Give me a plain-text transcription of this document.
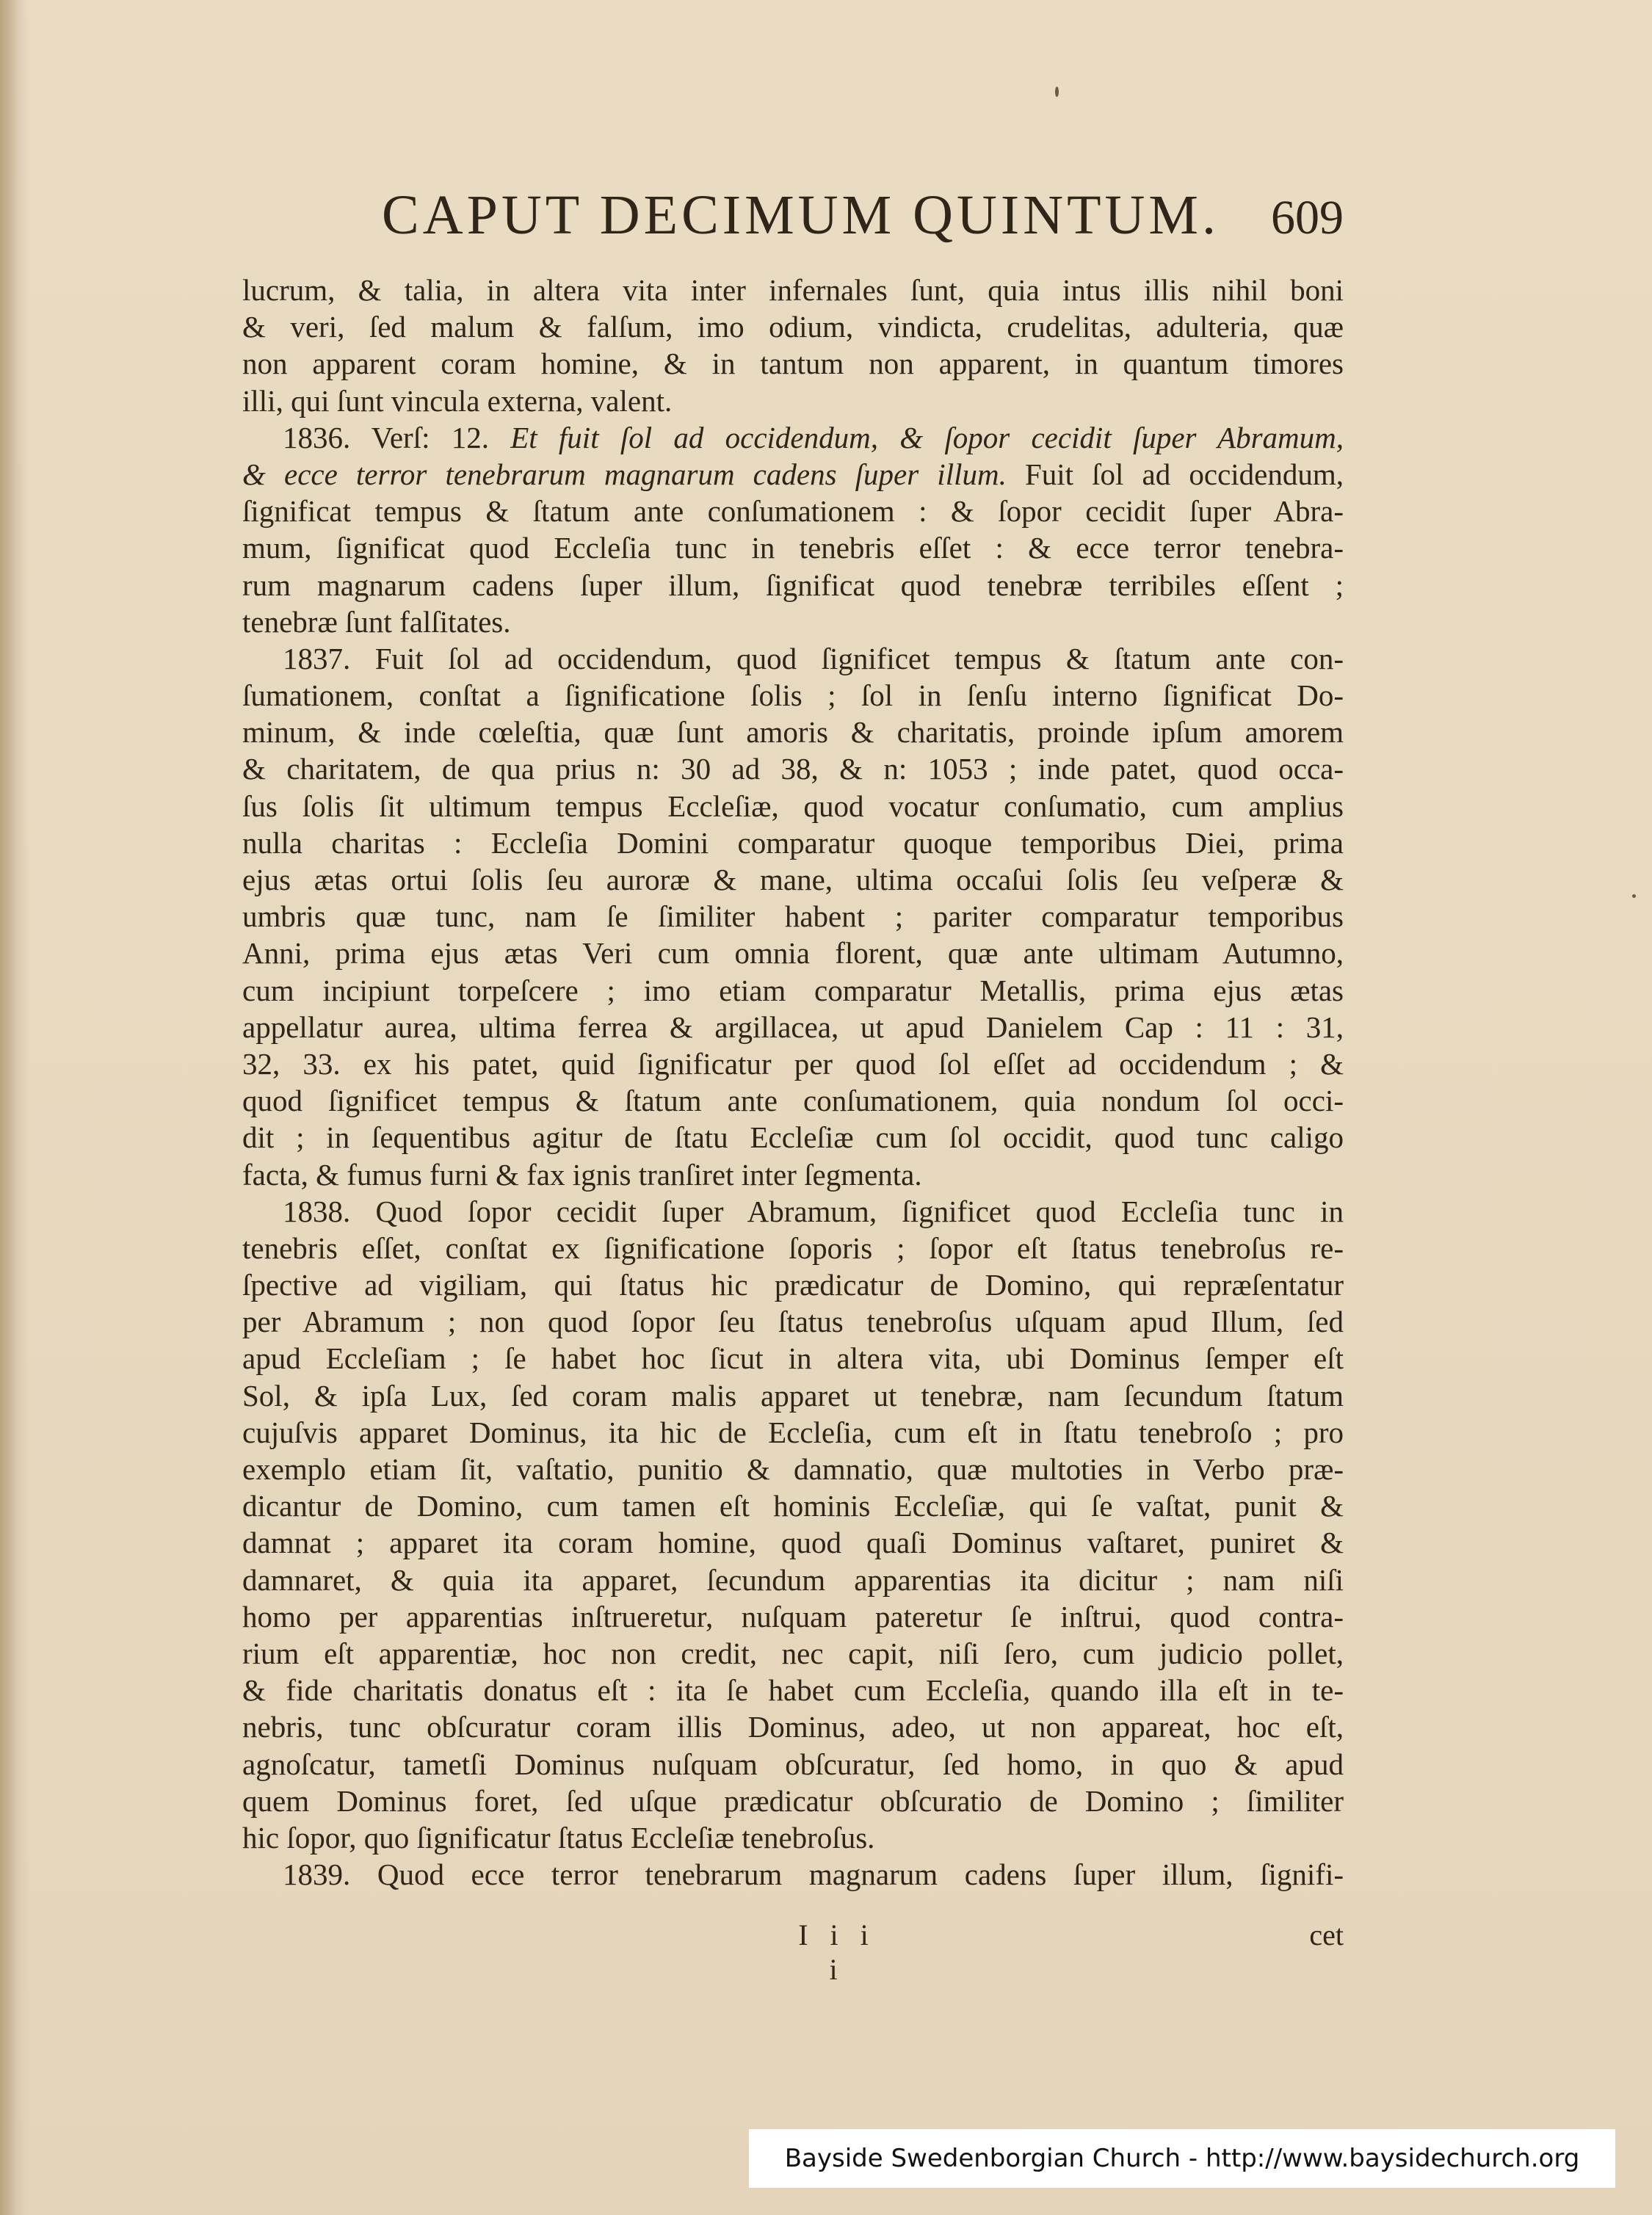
CAPUT DECIMUM QUINTUM. 609
lucrum, & talia, in altera vita inter infernales ſunt, quia intus illis nihil boni
& veri, ſed malum & falſum, imo odium, vindicta, crudelitas, adulteria, quæ
non apparent coram homine, & in tantum non apparent, in quantum timores
illi, qui ſunt vincula externa, valent.
1836. Verſ: 12. Et fuit ſol ad occidendum, & ſopor cecidit ſuper Abramum,
& ecce terror tenebrarum magnarum cadens ſuper illum. Fuit ſol ad occidendum,
ſignificat tempus & ſtatum ante conſumationem : & ſopor cecidit ſuper Abra-
mum, ſignificat quod Eccleſia tunc in tenebris eſſet : & ecce terror tenebra-
rum magnarum cadens ſuper illum, ſignificat quod tenebræ terribiles eſſent ;
tenebræ ſunt falſitates.
1837. Fuit ſol ad occidendum, quod ſignificet tempus & ſtatum ante con-
ſumationem, conſtat a ſignificatione ſolis ; ſol in ſenſu interno ſignificat Do-
minum, & inde cœleſtia, quæ ſunt amoris & charitatis, proinde ipſum amorem
& charitatem, de qua prius n: 30 ad 38, & n: 1053 ; inde patet, quod occa-
ſus ſolis ſit ultimum tempus Eccleſiæ, quod vocatur conſumatio, cum amplius
nulla charitas : Eccleſia Domini comparatur quoque temporibus Diei, prima
ejus ætas ortui ſolis ſeu auroræ & mane, ultima occaſui ſolis ſeu veſperæ &
umbris quæ tunc, nam ſe ſimiliter habent ; pariter comparatur temporibus
Anni, prima ejus ætas Veri cum omnia florent, quæ ante ultimam Autumno,
cum incipiunt torpeſcere ; imo etiam comparatur Metallis, prima ejus ætas
appellatur aurea, ultima ferrea & argillacea, ut apud Danielem Cap : 11 : 31,
32, 33. ex his patet, quid ſignificatur per quod ſol eſſet ad occidendum ; &
quod ſignificet tempus & ſtatum ante conſumationem, quia nondum ſol occi-
dit ; in ſequentibus agitur de ſtatu Eccleſiæ cum ſol occidit, quod tunc caligo
facta, & fumus furni & fax ignis tranſiret inter ſegmenta.
1838. Quod ſopor cecidit ſuper Abramum, ſignificet quod Eccleſia tunc in
tenebris eſſet, conſtat ex ſignificatione ſoporis ; ſopor eſt ſtatus tenebroſus re-
ſpective ad vigiliam, qui ſtatus hic prædicatur de Domino, qui repræſentatur
per Abramum ; non quod ſopor ſeu ſtatus tenebroſus uſquam apud Illum, ſed
apud Eccleſiam ; ſe habet hoc ſicut in altera vita, ubi Dominus ſemper eſt
Sol, & ipſa Lux, ſed coram malis apparet ut tenebræ, nam ſecundum ſtatum
cujuſvis apparet Dominus, ita hic de Eccleſia, cum eſt in ſtatu tenebroſo ; pro
exemplo etiam ſit, vaſtatio, punitio & damnatio, quæ multoties in Verbo præ-
dicantur de Domino, cum tamen eſt hominis Eccleſiæ, qui ſe vaſtat, punit &
damnat ; apparet ita coram homine, quod quaſi Dominus vaſtaret, puniret &
damnaret, & quia ita apparet, ſecundum apparentias ita dicitur ; nam niſi
homo per apparentias inſtrueretur, nuſquam pateretur ſe inſtrui, quod contra-
rium eſt apparentiæ, hoc non credit, nec capit, niſi ſero, cum judicio pollet,
& fide charitatis donatus eſt : ita ſe habet cum Eccleſia, quando illa eſt in te-
nebris, tunc obſcuratur coram illis Dominus, adeo, ut non appareat, hoc eſt,
agnoſcatur, tametſi Dominus nuſquam obſcuratur, ſed homo, in quo & apud
quem Dominus foret, ſed uſque prædicatur obſcuratio de Domino ; ſimiliter
hic ſopor, quo ſignificatur ſtatus Eccleſiæ tenebroſus.
1839. Quod ecce terror tenebrarum magnarum cadens ſuper illum, ſignifi-
I i i i
cet
Bayside Swedenborgian Church - http://www.baysidechurch.org
